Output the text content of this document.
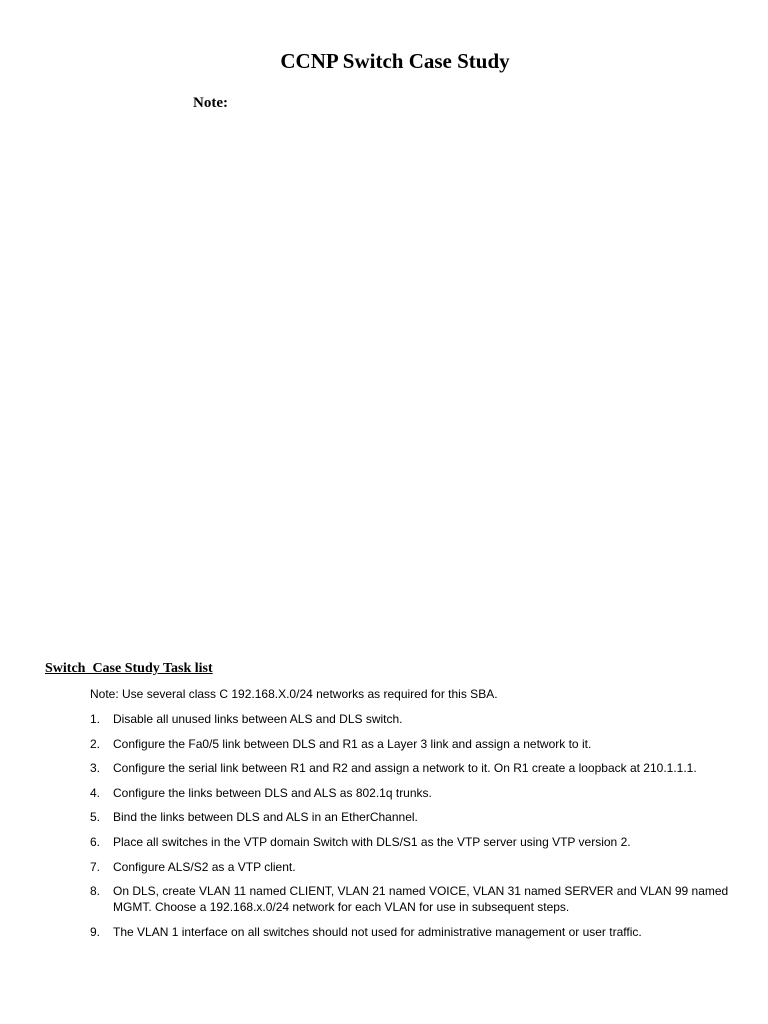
CCNP Switch Case Study
Note:
Switch  Case Study Task list
Note: Use several class C 192.168.X.0/24 networks as required for this SBA.
1.	Disable all unused links between ALS and DLS switch.
2.	Configure the Fa0/5 link between DLS and R1 as a Layer 3 link and assign a network to it.
3.	Configure the serial link between R1 and R2 and assign a network to it. On R1 create a loopback at 210.1.1.1.
4.	Configure the links between DLS and ALS as 802.1q trunks.
5.	Bind the links between DLS and ALS in an EtherChannel.
6.	Place all switches in the VTP domain Switch with DLS/S1 as the VTP server using VTP version 2.
7.	Configure ALS/S2 as a VTP client.
8.	On DLS, create VLAN 11 named CLIENT, VLAN 21 named VOICE, VLAN 31 named SERVER and VLAN 99 named MGMT. Choose a 192.168.x.0/24 network for each VLAN for use in subsequent steps.
9.	The VLAN 1 interface on all switches should not used for administrative management or user traffic.
